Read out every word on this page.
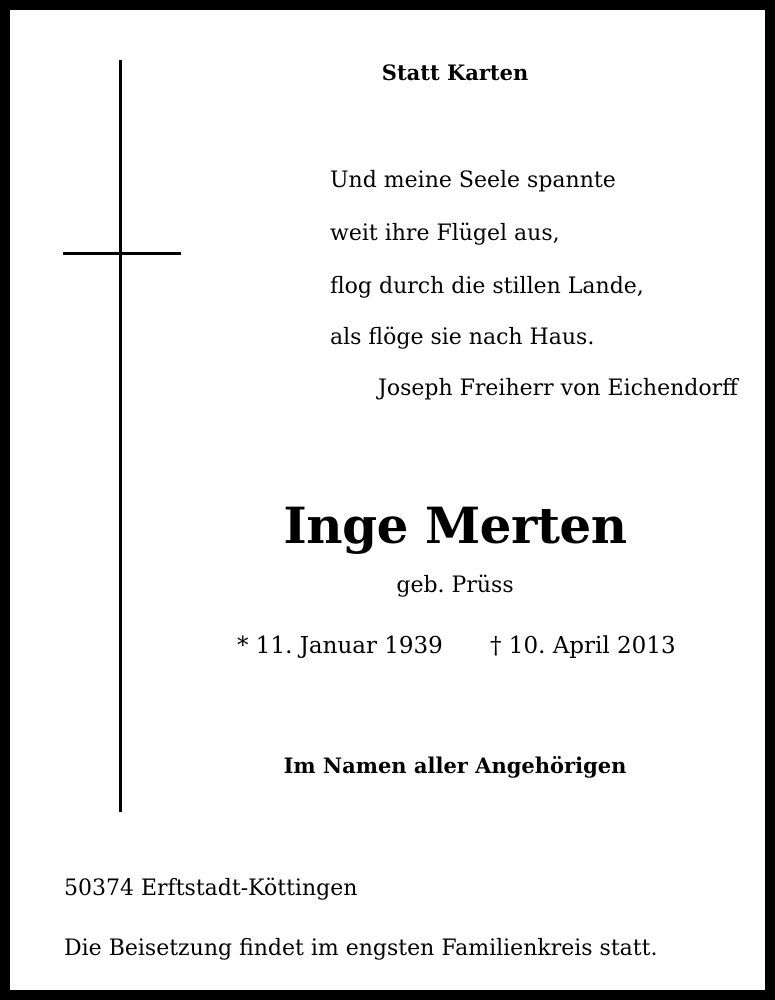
Statt Karten
Und meine Seele spannte
weit ihre Flügel aus,
flog durch die stillen Lande,
als flöge sie nach Haus.
Joseph Freiherr von Eichendorff
Inge Merten
geb. Prüss
* 11. Januar 1939 † 10. April 2013
Im Namen aller Angehörigen
50374 Erftstadt-Köttingen
Die Beisetzung findet im engsten Familienkreis statt.
